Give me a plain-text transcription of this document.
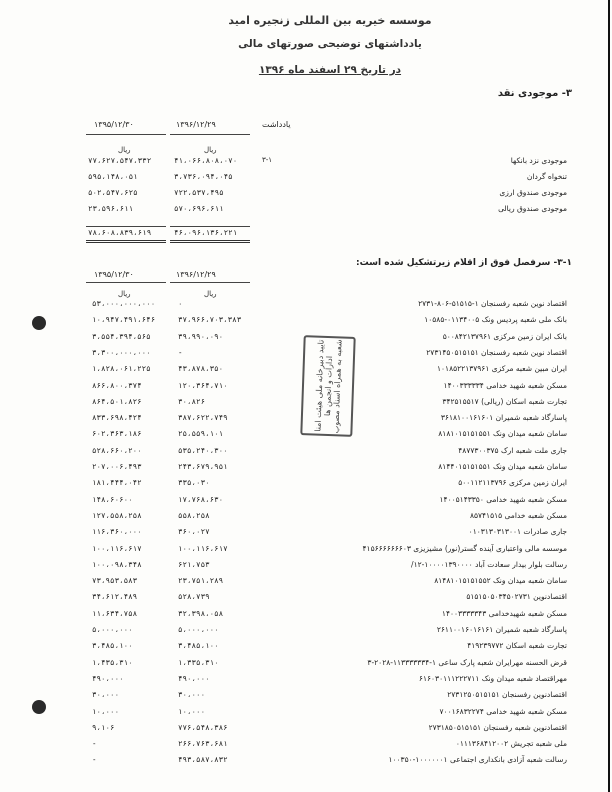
موسسه خیریه بین المللی زنجیره امید
یادداشتهای توضیحی صورتهای مالی
در تاریخ ۲۹ اسفند ماه ۱۳۹۶
۳- موجودی نقد
یادداشت
۱۳۹۶/۱۲/۲۹
۱۳۹۵/۱۲/۳۰
ریال
ریال
موجودی نزد بانکها
۳-۱
۴۱،۰۶۶،۸۰۸،۰۷۰
۷۷،۶۲۷،۵۴۷،۳۳۲
تنخواه گردان
۳،۷۳۶،۰۹۴،۰۴۵
۵۹۵،۱۴۸،۰۵۱
موجودی صندوق ارزی
۷۲۲،۵۳۷،۴۹۵
۵۰۲،۵۴۷،۶۲۵
موجودی صندوق ریالی
۵۷۰،۶۹۶،۶۱۱
۲۳،۵۹۶،۶۱۱
۴۶،۰۹۶،۱۳۶،۲۲۱
۷۸،۶۰۸،۸۳۹،۶۱۹
۳-۱- سرفصل فوق از اقلام زیرتشکیل شده است:
۱۳۹۶/۱۲/۲۹
۱۳۹۵/۱۲/۳۰
ریال
ریال
اقتصاد نوین شعبه رفسنجان ۱-۵۱۵۱۵-۸۰۶-۲۷۳۱
۰
۵۳،۰۰۰،۰۰۰،۰۰۰
بانک ملی شعبه پردیس ونک ۰۱۱۳۴۰۰۵-۱۰۵۸۵
۳۷،۹۶۶،۷۰۳،۳۸۳
۱۰،۹۴۷،۴۹۱،۶۴۶
بانک ایران زمین مرکزی ۵۰۰۸۴۲۱۳۷۹۶۱
۳۹،۹۹۰،۰۹۰
۳،۵۵۴،۳۹۴،۵۶۵
اقتصاد نوین شعبه رفسنجان ۲۷۳۱۴۵۰۵۱۵۱۵۱
-
۳،۳۰۰،۰۰۰،۰۰۰
ایران مبین شعبه مرکزی ۱۰۱۸۵۲۲۱۳۷۹۶۱
۴۳،۸۷۸،۳۵۰
۱،۸۲۸،۰۶۱،۲۲۵
مسکن شعبه شهید خدامی ۱۴۰۰۳۳۳۳۳۴
۱۲۰،۳۶۴،۷۱۰
۸۶۶،۸۰۰،۳۷۴
تجارت شعبه اسکان (ریالی) ۳۴۲۵۱۵۵۱۷
۳۰،۸۲۶
۸۶۴،۵۰۱،۸۲۶
پاسارگاد شعبه شمیران ۳۶۱۸۱۰۰۱۶۱۶۰۱
۳۸۷،۶۲۲،۷۴۹
۸۳۳،۶۹۸،۴۲۴
سامان شعبه میدان ونک ۸۱۸۱۰۱۵۱۵۱۵۵۱
۲۵،۵۵۹،۱۰۱
۶۰۲،۳۶۳،۱۸۶
جاری ملت شعبه ارک ۴۸۷۷۳۰۰۳۷۵
۵۳۵،۲۴۰،۳۰۰
۵۲۸،۶۶۰،۲۰۰
سامان شعبه میدان ونک ۸۱۴۴۰۱۵۱۵۱۵۵۱
۲۴۳،۶۷۹،۹۵۱
۲۰۷،۰۰۶،۴۹۳
ایران زمین مرکزی ۵۰۰۱۱۲۱۱۳۷۹۶
۳۳۵،۰۳۰
۱۸۱،۴۴۴،۰۴۲
مسکن شعبه شهید خدامی ۱۴۰۰۵۱۴۳۳۵۰
۱۷،۷۶۸،۶۳۰
۱۴۸،۶۰۶۰۰
مسکن شعبه خدامی ۸۵۷۴۱۵۱۵
۵۵۸،۲۵۸
۱۲۷،۵۵۸،۲۵۸
جاری صادرات ۰۱۰۳۱۳۰۳۱۳۰۰۱
۳۶۰،۰۲۷
۱۱۶،۳۶۰،۰۰۰
موسسه مالی واعتباری آینده گستر(نور) مشیزیزی ۴۱۵۶۶۶۶۶۶۶۰۳
۱۰۰،۱۱۶،۶۱۷
۱۰۰،۱۱۶،۶۱۷
رسالت بلوار بیدار سعادت آباد ۱۰۰۰۰۱۳۹۰۰۰۰-۱۲/
۶۲۱،۷۵۳
۱۰۰،۰۹۸،۳۴۸
سامان شعبه میدان ونک ۸۱۴۸۱۰۱۵۱۵۱۵۵۲
۲۳،۷۵۱،۲۸۹
۷۳،۹۵۳،۵۸۳
اقتصادنوین ۵۱۵۱۵۰۵۰۳۴۵۰۲۷۳۱
۵۲۸،۷۳۹
۳۴،۶۱۲،۴۸۹
مسکن شعبه شهیدخدامی ۱۴۰۰۳۳۳۳۳۴۳
۳۲،۳۹۸،۰۵۸
۱۱،۶۳۴،۷۵۸
پاسارگاد شعبه شمیران ۲۶۱۱۰۰۱۶۰۱۶۱۶۱
۵،۰۰۰،۰۰۰
۵،۰۰۰،۰۰۰
تجارت شعبه اسکان ۴۱۹۲۳۹۷۷۲
۳،۴۸۵،۱۰۰
۳،۴۸۵،۱۰۰
قرض الحسنه مهرایران شعبه پارک ساعی ۱-۱۱۳۳۳۳۳۳۴-۲۰۲۸-۳
۱،۳۳۵،۳۱۰
۱،۴۳۵،۳۱۰
مهراقتصاد شعبه میدان ونک ۶۱۶۰۳۰۱۱۱۲۲۲۷۱۱
۴۹۰،۰۰۰
۴۹۰،۰۰۰
اقتصادنوین رفسنجان ۲۷۳۱۲۵۰۵۱۵۱۵۱
۳۰،۰۰۰
۳۰،۰۰۰
مسکن شعبه شهید خدامی ۷۰۰۱۶۸۳۲۲۷۴
۱۰،۰۰۰
۱۰،۰۰۰
اقتصادنوین شعبه رفسنجان ۲۷۳۱۸۵۰۵۱۵۱۵۱
۷۷۶،۵۴۸،۳۸۶
۹،۱۰۶
ملی شعبه تجریش ۰۱۱۱۳۶۸۴۱۲۰۰۲
۲۶۶،۷۶۳،۶۸۱
-
رسالت شعبه آزادی بانکداری اجتماعی ۱۰۰۰۰۰۰۱-۱۰۰۳۵۰
۴۹۳،۵۸۷،۸۳۲
-
تایید دبیرخانه ملی هیئت امنا
ادارات و انجمن ها
شعبه به همراه اسناد مصوب
